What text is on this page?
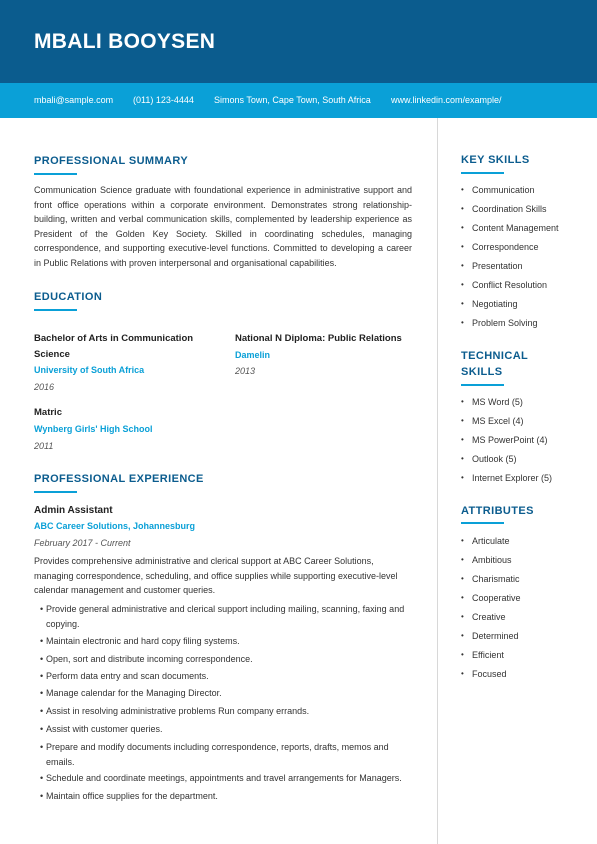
MBALI BOOYSEN
mbali@sample.com (011) 123-4444 Simons Town, Cape Town, South Africa www.linkedin.com/example/
PROFESSIONAL SUMMARY
Communication Science graduate with foundational experience in administrative support and front office operations within a corporate environment. Demonstrates strong relationship-building, written and verbal communication skills, complemented by leadership experience as President of the Golden Key Society. Skilled in coordinating schedules, managing correspondence, and supporting executive-level functions. Committed to developing a career in Public Relations with proven interpersonal and organisational capabilities.
EDUCATION
Bachelor of Arts in Communication
Science
University of South Africa
2016
National N Diploma: Public Relations
Damelin
2013
Matric
Wynberg Girls' High School
2011
PROFESSIONAL EXPERIENCE
Admin Assistant
ABC Career Solutions, Johannesburg
February 2017 - Current
Provides comprehensive administrative and clerical support at ABC Career Solutions, managing correspondence, scheduling, and office supplies while supporting executive-level calendar management and customer queries.
• Provide general administrative and clerical support including mailing, scanning, faxing and
copying.
• Maintain electronic and hard copy filing systems.
• Open, sort and distribute incoming correspondence.
• Perform data entry and scan documents.
• Manage calendar for the Managing Director.
• Assist in resolving administrative problems Run company errands.
• Assist with customer queries.
• Prepare and modify documents including correspondence, reports, drafts, memos and
emails.
• Schedule and coordinate meetings, appointments and travel arrangements for Managers.
• Maintain office supplies for the department.
KEY SKILLS
• Communication
• Coordination Skills
• Content Management
• Correspondence
• Presentation
• Conflict Resolution
• Negotiating
• Problem Solving
TECHNICAL
SKILLS
• MS Word (5)
• MS Excel (4)
• MS PowerPoint (4)
• Outlook (5)
• Internet Explorer (5)
ATTRIBUTES
• Articulate
• Ambitious
• Charismatic
• Cooperative
• Creative
• Determined
• Efficient
• Focused
